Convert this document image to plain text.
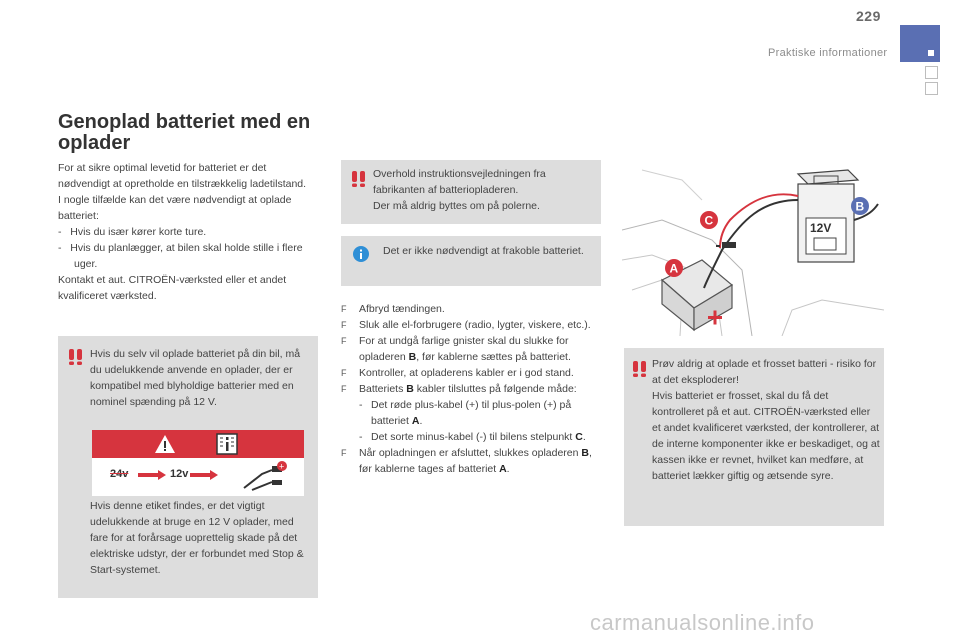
229
Praktiske informationer
Genoplad batteriet med en oplader
For at sikre optimal levetid for batteriet er det nødvendigt at opretholde en tilstrækkelig ladetilstand.
I nogle tilfælde kan det være nødvendigt at oplade batteriet:
-   Hvis du især kører korte ture.
-   Hvis du planlægger, at bilen skal holde stille i flere uger.
Kontakt et aut. CITROËN-værksted eller et andet kvalificeret værksted.
Hvis du selv vil oplade batteriet på din bil, må du udelukkende anvende en oplader, der er kompatibel med blyholdige batterier med en nominel spænding på 12 V.
24v	12v
+
Hvis denne etiket findes, er det vigtigt udelukkende at bruge en 12 V oplader, med fare for at forårsage uoprettelig skade på det elektriske udstyr, der er forbundet med Stop & Start-systemet.
Overhold instruktionsvejledningen fra fabrikanten af batteriopladeren.
Der må aldrig byttes om på polerne.
Det er ikke nødvendigt at frakoble batteriet.
F Afbryd tændingen.
F Sluk alle el-forbrugere (radio, lygter, viskere, etc.).
F For at undgå farlige gnister skal du slukke for opladeren B, før kablerne sættes på batteriet.
F Kontroller, at opladerens kabler er i god stand.
F Batteriets B kabler tilsluttes på følgende måde:
- Det røde plus-kabel (+) til plus-polen (+) på batteriet A.
- Det sorte minus-kabel (-) til bilens stelpunkt C.
F Når opladningen er afsluttet, slukkes opladeren B, før kablerne tages af batteriet A.
12V
C
B
A
Prøv aldrig at oplade et frosset batteri - risiko for at det eksploderer!
Hvis batteriet er frosset, skal du få det kontrolleret på et aut. CITROËN-værksted eller et andet kvalificeret værksted, der kontrollerer, at de interne komponenter ikke er beskadiget, og at kassen ikke er revnet, hvilket kan medføre, at batteriet lækker giftig og ætsende syre.
carmanualsonline.info
